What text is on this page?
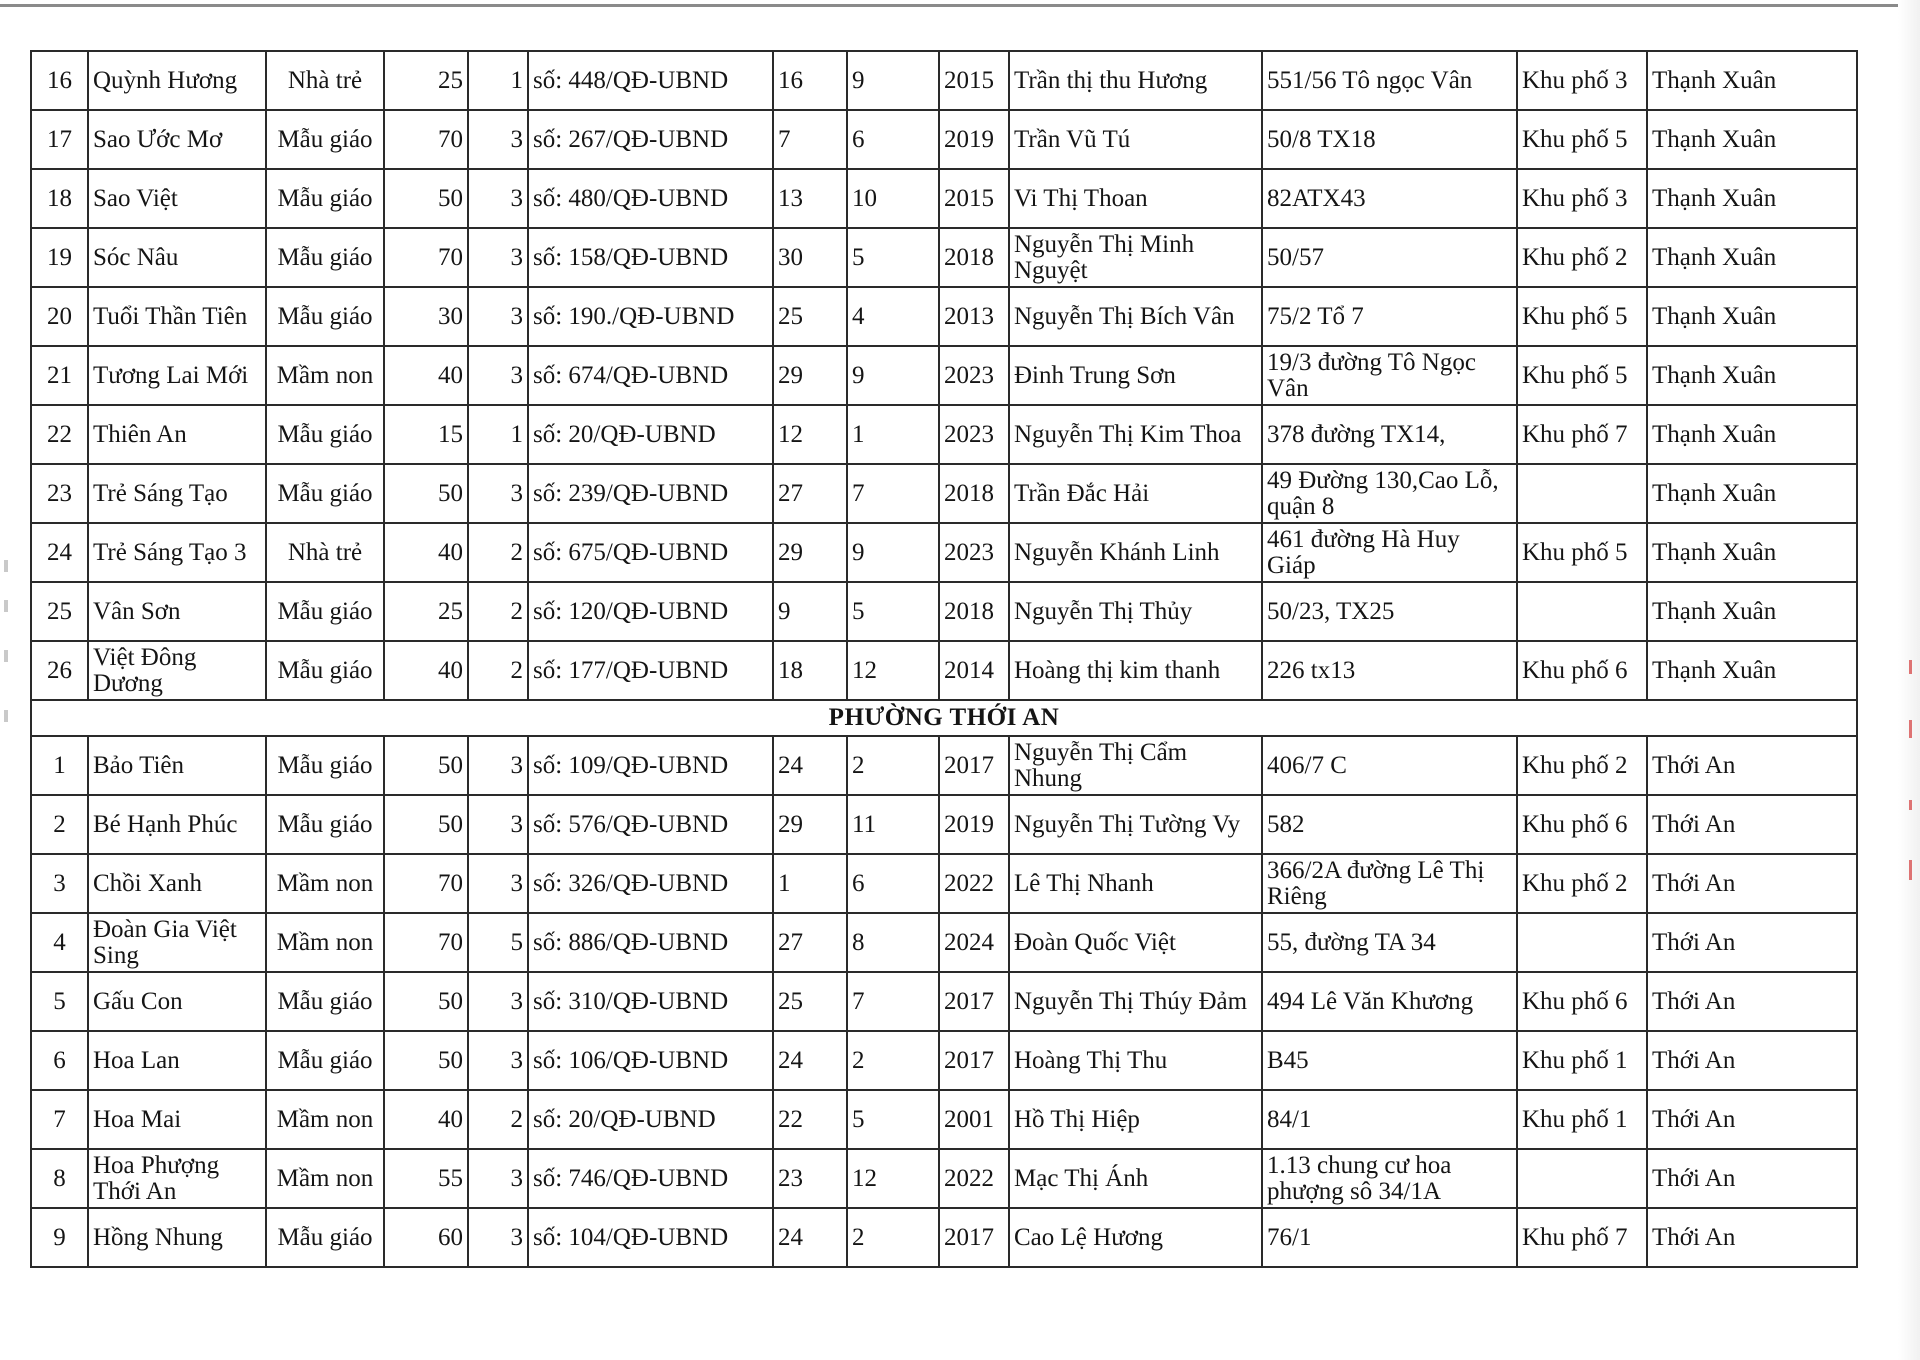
16	Quỳnh Hương	Nhà trẻ	25	1	số: 448/QĐ-UBND	16	9	2015	Trần thị thu Hương	551/56 Tô ngọc Vân	Khu phố 3	Thạnh Xuân
17	Sao Ước Mơ	Mẫu giáo	70	3	số: 267/QĐ-UBND	7	6	2019	Trần Vũ Tú	50/8 TX18	Khu phố 5	Thạnh Xuân
18	Sao Việt	Mẫu giáo	50	3	số: 480/QĐ-UBND	13	10	2015	Vi Thị Thoan	82ATX43	Khu phố 3	Thạnh Xuân
19	Sóc Nâu	Mẫu giáo	70	3	số: 158/QĐ-UBND	30	5	2018	Nguyễn Thị Minh Nguyệt	50/57	Khu phố 2	Thạnh Xuân
20	Tuổi Thần Tiên	Mẫu giáo	30	3	số: 190./QĐ-UBND	25	4	2013	Nguyễn Thị Bích Vân	75/2 Tổ 7	Khu phố 5	Thạnh Xuân
21	Tương Lai Mới	Mầm non	40	3	số: 674/QĐ-UBND	29	9	2023	Đinh Trung Sơn	19/3 đường Tô Ngọc Vân	Khu phố 5	Thạnh Xuân
22	Thiên An	Mẫu giáo	15	1	số: 20/QĐ-UBND	12	1	2023	Nguyễn Thị Kim Thoa	378 đường TX14,	Khu phố 7	Thạnh Xuân
23	Trẻ Sáng Tạo	Mẫu giáo	50	3	số: 239/QĐ-UBND	27	7	2018	Trần Đắc Hải	49 Đường 130,Cao Lỗ, quận 8		Thạnh Xuân
24	Trẻ Sáng Tạo 3	Nhà trẻ	40	2	số: 675/QĐ-UBND	29	9	2023	Nguyễn Khánh Linh	461 đường Hà Huy Giáp	Khu phố 5	Thạnh Xuân
25	Vân Sơn	Mẫu giáo	25	2	số: 120/QĐ-UBND	9	5	2018	Nguyễn Thị Thủy	50/23, TX25		Thạnh Xuân
26	Việt Đông Dương	Mẫu giáo	40	2	số: 177/QĐ-UBND	18	12	2014	Hoàng thị kim thanh	226 tx13	Khu phố 6	Thạnh Xuân
PHƯỜNG THỚI AN												
1	Bảo Tiên	Mẫu giáo	50	3	số: 109/QĐ-UBND	24	2	2017	Nguyễn Thị Cẩm Nhung	406/7 C	Khu phố 2	Thới An
2	Bé Hạnh Phúc	Mẫu giáo	50	3	số: 576/QĐ-UBND	29	11	2019	Nguyễn Thị Tường Vy	582	Khu phố 6	Thới An
3	Chồi Xanh	Mầm non	70	3	số: 326/QĐ-UBND	1	6	2022	Lê Thị Nhanh	366/2A đường Lê Thị Riêng	Khu phố 2	Thới An
4	Đoàn Gia Việt Sing	Mầm non	70	5	số: 886/QĐ-UBND	27	8	2024	Đoàn Quốc Việt	55, đường TA 34		Thới An
5	Gấu Con	Mẫu giáo	50	3	số: 310/QĐ-UBND	25	7	2017	Nguyễn Thị Thúy Đảm	494 Lê Văn Khương	Khu phố 6	Thới An
6	Hoa Lan	Mẫu giáo	50	3	số: 106/QĐ-UBND	24	2	2017	Hoàng Thị Thu	B45	Khu phố 1	Thới An
7	Hoa Mai	Mầm non	40	2	số: 20/QĐ-UBND	22	5	2001	Hồ Thị Hiệp	84/1	Khu phố 1	Thới An
8	Hoa Phượng Thới An	Mầm non	55	3	số: 746/QĐ-UBND	23	12	2022	Mạc Thị Ánh	1.13 chung cư hoa phượng sô 34/1A		Thới An
9	Hồng Nhung	Mẫu giáo	60	3	số: 104/QĐ-UBND	24	2	2017	Cao Lệ Hương	76/1	Khu phố 7	Thới An
